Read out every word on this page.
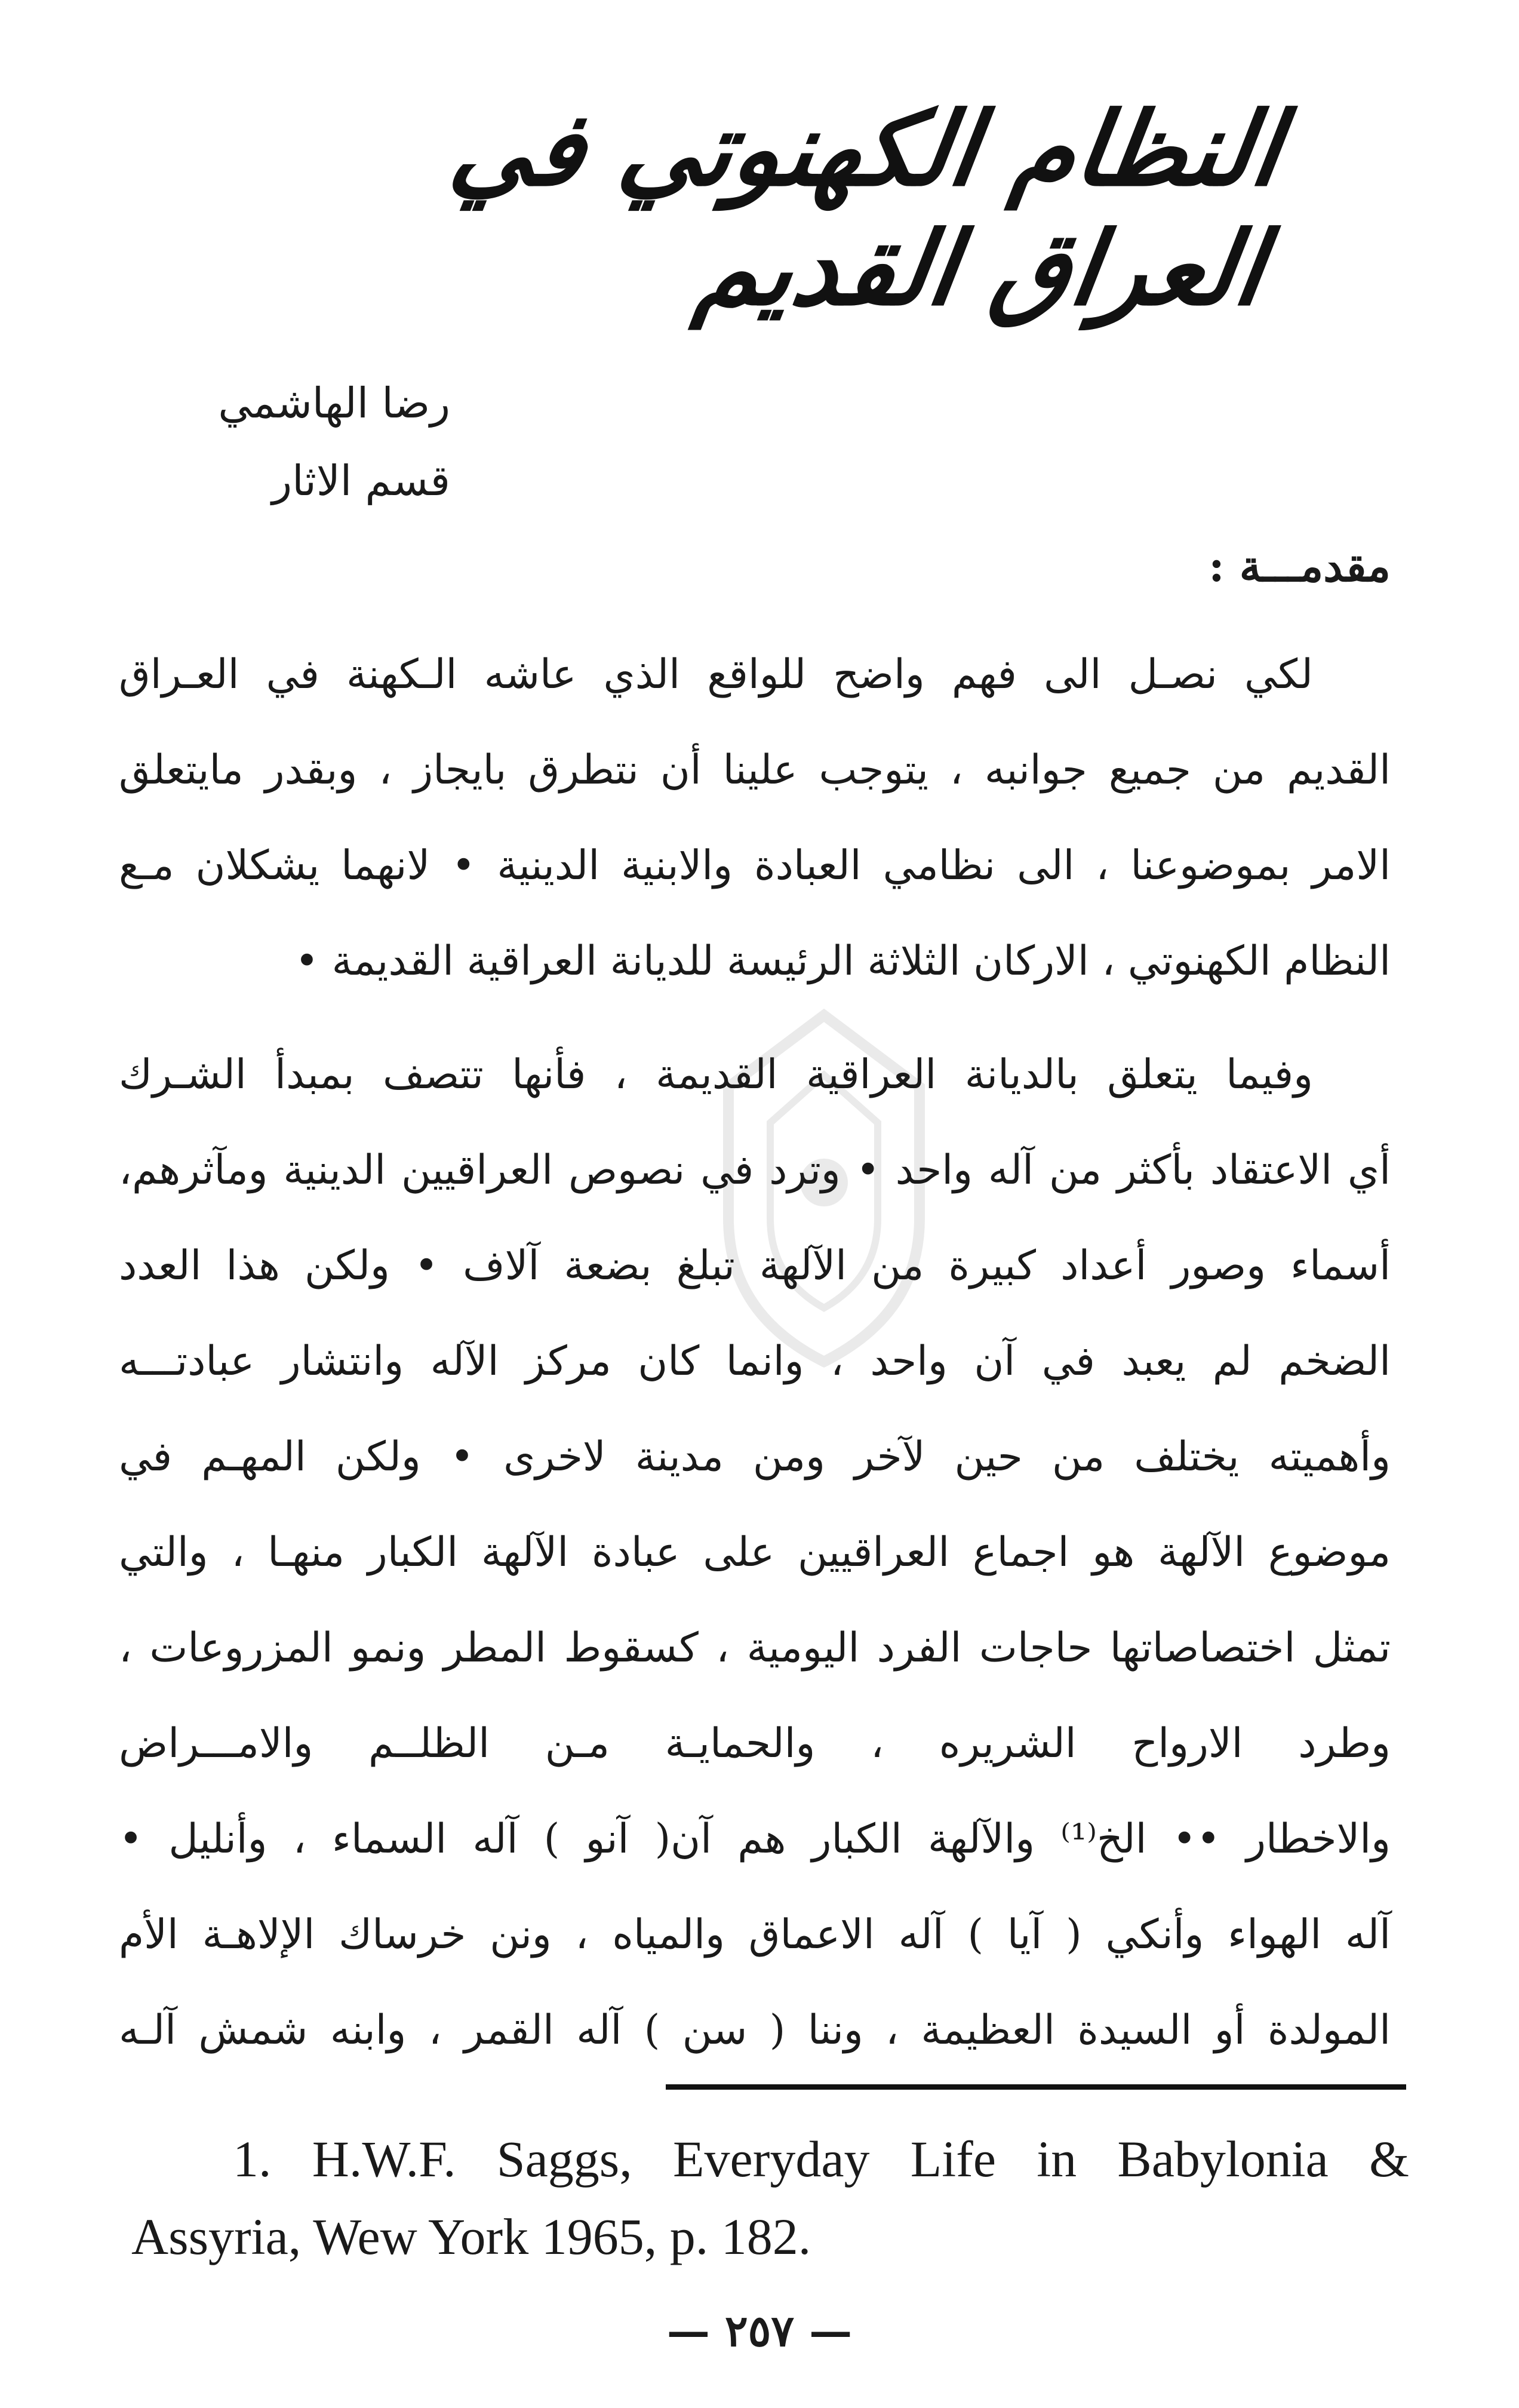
النظام الكهنوتي في العراق القديم
رضا الهاشمي
قسم الاثار
مقدمـــة :
لكي نصـل الى فهم واضح للواقع الذي عاشه الـكهنة في العـراق
القديم من جميع جوانبه ، يتوجب علينا أن نتطرق بايجاز ، وبقدر مايتعلق
الامر بموضوعنا ، الى نظامي العبادة والابنية الدينية • لانهما يشكلان مـع
النظام الكهنوتي ، الاركان الثلاثة الرئيسة للديانة العراقية القديمة •
وفيما يتعلق بالديانة العراقية القديمة ، فأنها تتصف بمبدأ الشـرك
أي الاعتقاد بأكثر من آله واحد • وترد في نصوص العراقيين الدينية ومآثرهم،
أسماء وصور أعداد كبيرة من الآلهة تبلغ بضعة آلاف • ولكن هذا العدد
الضخم لم يعبد في آن واحد ، وانما كان مركز الآله وانتشار عبادتـــه
وأهميته يختلف من حين لآخر ومن مدينة لاخرى • ولكن المهـم في
موضوع الآلهة هو اجماع العراقيين على عبادة الآلهة الكبار منهـا ، والتي
تمثل اختصاصاتها حاجات الفرد اليومية ، كسقوط المطر ونمو المزروعات ،
وطرد الارواح الشريره ، والحمايـة مـن الظلــم والامـــراض
والاخطار •• الخ⁽¹⁾ والآلهة الكبار هم آن( آنو ) آله السماء ، وأنليل •
آله الهواء وأنكي ( آيا ) آله الاعماق والمياه ، ونن خرساك الإلاهـة الأم
المولدة أو السيدة العظيمة ، وننا ( سن ) آله القمر ، وابنه شمش آلـه
1. H.W.F. Saggs, Everyday Life in Babylonia &
Assyria, Wew York 1965, p. 182.
— ٢٥٧ —
